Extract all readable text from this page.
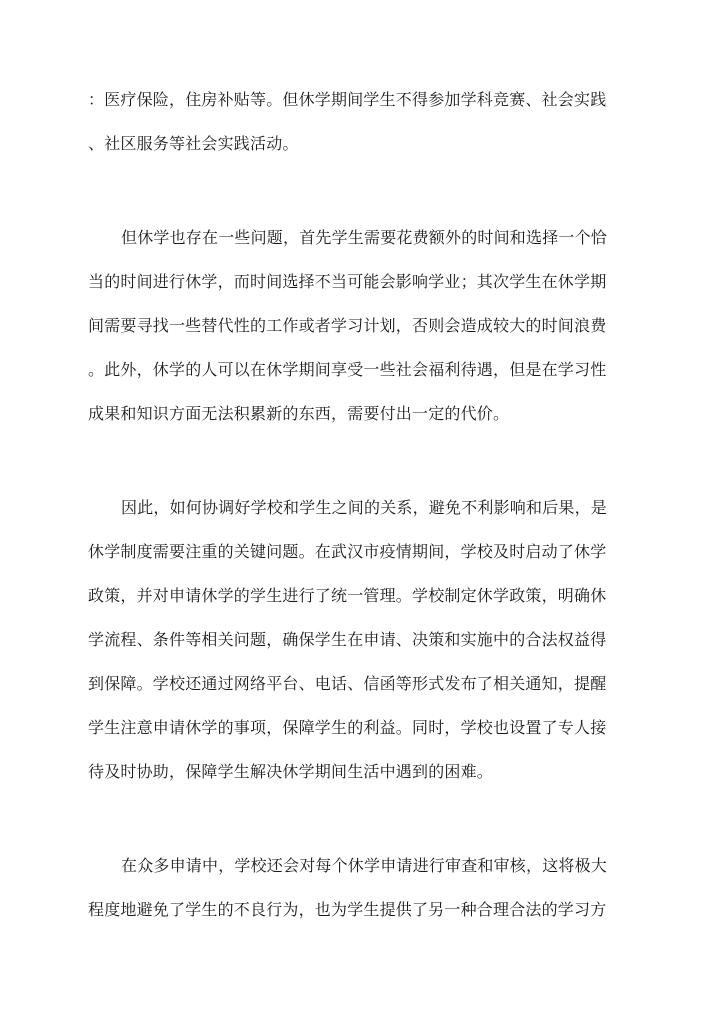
：医疗保险，住房补贴等。但休学期间学生不得参加学科竞赛、社会实践
、社区服务等社会实践活动。
但休学也存在一些问题，首先学生需要花费额外的时间和选择一个恰
当的时间进行休学，而时间选择不当可能会影响学业；其次学生在休学期
间需要寻找一些替代性的工作或者学习计划，否则会造成较大的时间浪费
。此外，休学的人可以在休学期间享受一些社会福利待遇，但是在学习性
成果和知识方面无法积累新的东西，需要付出一定的代价。
因此，如何协调好学校和学生之间的关系，避免不利影响和后果，是
休学制度需要注重的关键问题。在武汉市疫情期间，学校及时启动了休学
政策，并对申请休学的学生进行了统一管理。学校制定休学政策，明确休
学流程、条件等相关问题，确保学生在申请、决策和实施中的合法权益得
到保障。学校还通过网络平台、电话、信函等形式发布了相关通知，提醒
学生注意申请休学的事项，保障学生的利益。同时，学校也设置了专人接
待及时协助，保障学生解决休学期间生活中遇到的困难。
在众多申请中，学校还会对每个休学申请进行审查和审核，这将极大
程度地避免了学生的不良行为，也为学生提供了另一种合理合法的学习方
